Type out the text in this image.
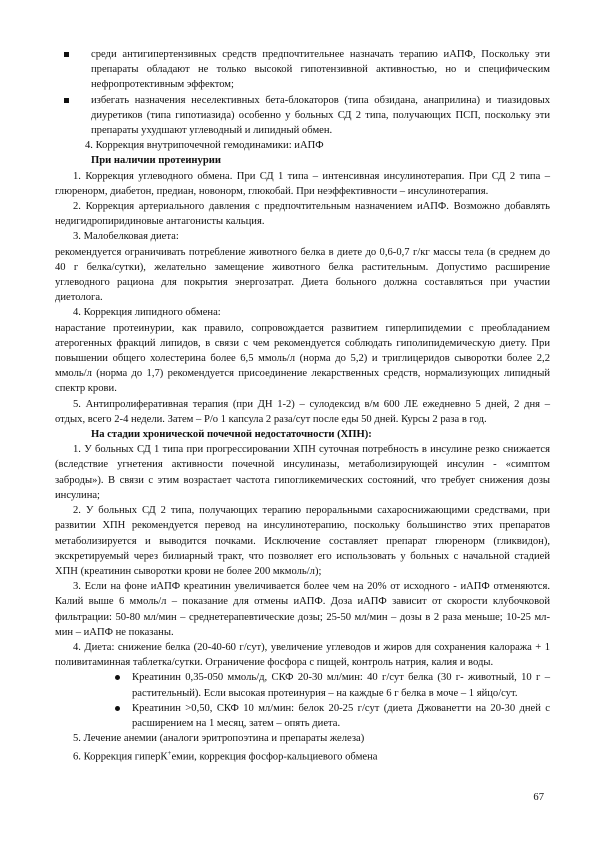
среди антигипертензивных средств предпочтительнее назначать терапию иАПФ, Поскольку эти препараты обладают не только высокой гипотензивной активностью, но и специфическим нефропротективным эффектом;

избегать назначения неселективных бета-блокаторов (типа обзидана, анаприлина) и тиазидовых диуретиков (типа гипотиазида) особенно у больных СД 2 типа, получающих ПСП, поскольку эти препараты ухудшают углеводный и липидный обмен.

4. Коррекция внутрипочечной гемодинамики: иАПФ

При наличии протеинурии

1. Коррекция углеводного обмена. При СД 1 типа – интенсивная инсулинотерапия. При СД 2 типа – глюренорм, диабетон, предиан, новонорм, глюкобай. При неэффективности – инсулинотерапия.

2. Коррекция артериального давления с предпочтительным назначением иАПФ. Возможно добавлять недигидропиридиновые антагонисты кальция.

3. Малобелковая диета:

рекомендуется ограничивать потребление животного белка в диете до 0,6-0,7 г/кг массы тела (в среднем до 40 г белка/сутки), желательно замещение животного белка растительным. Допустимо расширение углеводного рациона для покрытия энергозатрат. Диета больного должна составляться при участии диетолога.

4. Коррекция липидного обмена:

нарастание протеинурии, как правило, сопровождается развитием гиперлипидемии с преобладанием атерогенных фракций липидов, в связи с чем рекомендуется соблюдать гиполипидемическую диету. При повышении общего холестерина более 6,5 ммоль/л (норма до 5,2) и триглицеридов сыворотки более 2,2 ммоль/л (норма до 1,7) рекомендуется присоединение лекарственных средств, нормализующих липидный спектр крови.

5. Антипролиферативная терапия (при ДН 1-2) – сулодексид в/м 600 ЛЕ ежедневно 5 дней, 2 дня – отдых, всего 2-4 недели. Затем – Р/о 1 капсула 2 раза/сут после еды 50 дней. Курсы 2 раза в год.

На стадии хронической почечной недостаточности (ХПН):

1. У больных СД 1 типа при прогрессировании ХПН суточная потребность в инсулине резко снижается (вследствие угнетения активности почечной инсулиназы, метаболизирующей инсулин - «симптом заброды»). В связи с этим возрастает частота гипогликемических состояний, что требует снижения дозы инсулина;

2. У больных СД 2 типа, получающих терапию пероральными сахароснижающими средствами, при развитии ХПН рекомендуется перевод на инсулинотерапию, поскольку большинство этих препаратов метаболизируется и выводится почками. Исключение составляет препарат глюренорм (гликвидон), экскретируемый через билиарный тракт, что позволяет его использовать у больных с начальной стадией ХПН (креатинин сыворотки крови не более 200 мкмоль/л);

3. Если на фоне иАПФ креатинин увеличивается более чем на 20% от исходного - иАПФ отменяются. Калий выше 6 ммоль/л – показание для отмены иАПФ. Доза иАПФ зависит от скорости клубочковой фильтрации: 50-80 мл/мин – среднетерапевтические дозы; 25-50 мл/мин – дозы в 2 раза меньше; 10-25 мл-мин – иАПФ не показаны.

4. Диета: снижение белка (20-40-60 г/сут), увеличение углеводов и жиров для сохранения калоража + 1 поливитаминная таблетка/сутки. Ограничение фосфора с пищей, контроль натрия, калия и воды.

Креатинин 0,35-050 ммоль/д, СКФ 20-30 мл/мин: 40 г/сут белка (30 г- животный, 10 г – растительный). Если высокая протеинурия – на каждые 6 г белка в моче – 1 яйцо/сут.

Креатинин >0,50, СКФ 10 мл/мин: белок 20-25 г/сут (диета Джованетти на 20-30 дней с расширением на 1 месяц, затем – опять диета.

5. Лечение анемии (аналоги эритропоэтина и препараты железа)

6. Коррекция гиперК+емии, коррекция фосфор-кальциевого обмена

67
